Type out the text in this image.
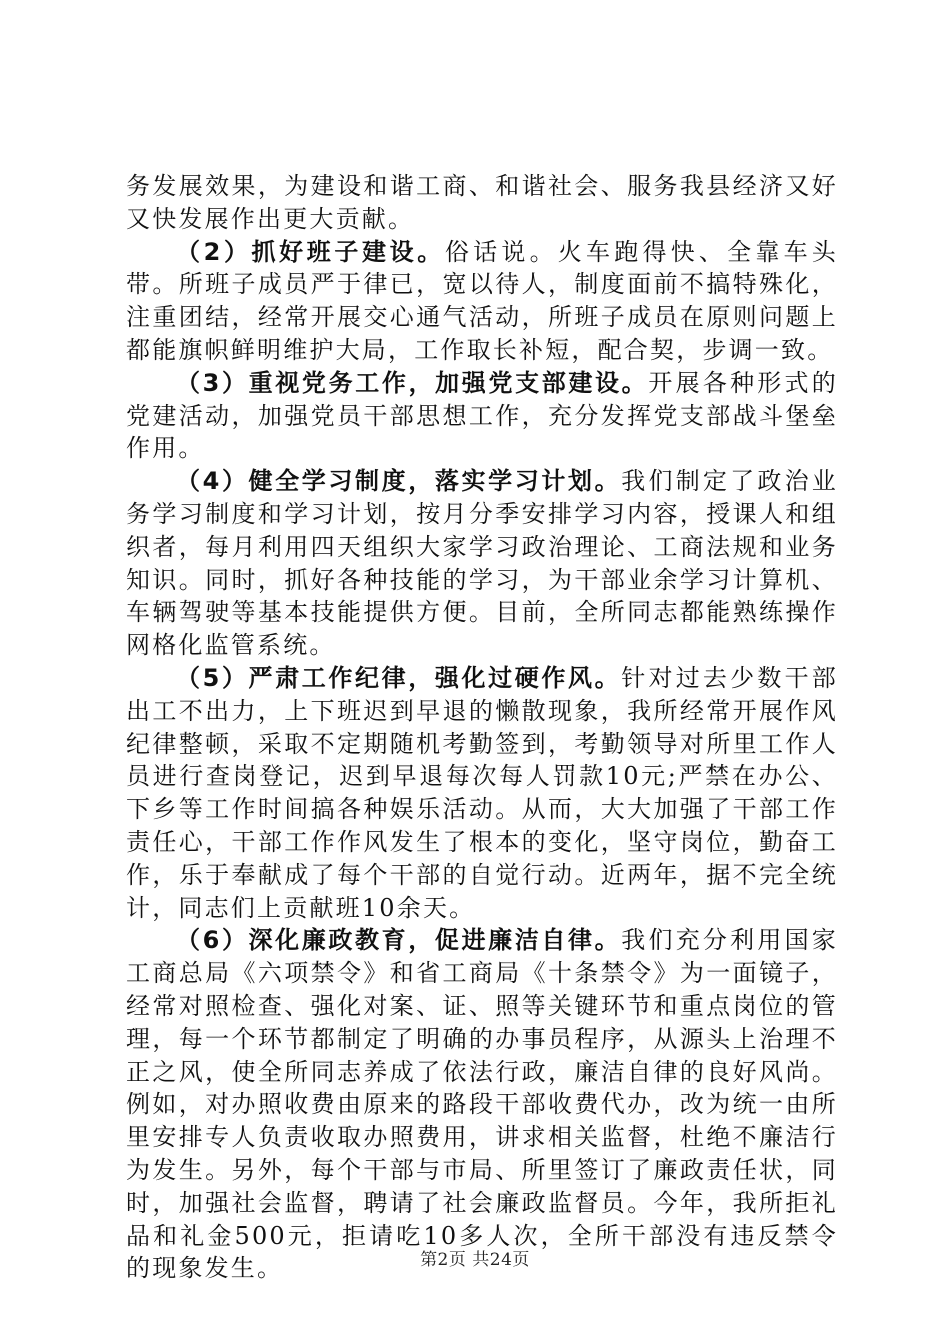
务发展效果，为建设和谐工商、和谐社会、服务我县经济又好又快发展作出更大贡献。

（2）抓好班子建设。俗话说。火车跑得快、全靠车头带。所班子成员严于律已，宽以待人，制度面前不搞特殊化，注重团结，经常开展交心通气活动，所班子成员在原则问题上都能旗帜鲜明维护大局，工作取长补短，配合契，步调一致。

（3）重视党务工作，加强党支部建设。开展各种形式的党建活动，加强党员干部思想工作，充分发挥党支部战斗堡垒作用。

（4）健全学习制度，落实学习计划。我们制定了政治业务学习制度和学习计划，按月分季安排学习内容，授课人和组织者，每月利用四天组织大家学习政治理论、工商法规和业务知识。同时，抓好各种技能的学习，为干部业余学习计算机、车辆驾驶等基本技能提供方便。目前，全所同志都能熟练操作网格化监管系统。

（5）严肃工作纪律，强化过硬作风。针对过去少数干部出工不出力，上下班迟到早退的懒散现象，我所经常开展作风纪律整顿，采取不定期随机考勤签到，考勤领导对所里工作人员进行查岗登记，迟到早退每次每人罚款10元;严禁在办公、下乡等工作时间搞各种娱乐活动。从而，大大加强了干部工作责任心，干部工作作风发生了根本的变化，坚守岗位，勤奋工作，乐于奉献成了每个干部的自觉行动。近两年，据不完全统计，同志们上贡献班10余天。

（6）深化廉政教育，促进廉洁自律。我们充分利用国家工商总局《六项禁令》和省工商局《十条禁令》为一面镜子，经常对照检查、强化对案、证、照等关键环节和重点岗位的管理，每一个环节都制定了明确的办事员程序，从源头上治理不正之风，使全所同志养成了依法行政，廉洁自律的良好风尚。例如，对办照收费由原来的路段干部收费代办，改为统一由所里安排专人负责收取办照费用，讲求相关监督，杜绝不廉洁行为发生。另外，每个干部与市局、所里签订了廉政责任状，同时，加强社会监督，聘请了社会廉政监督员。今年，我所拒礼品和礼金500元，拒请吃10多人次，全所干部没有违反禁令的现象发生。	第2页 共24页
